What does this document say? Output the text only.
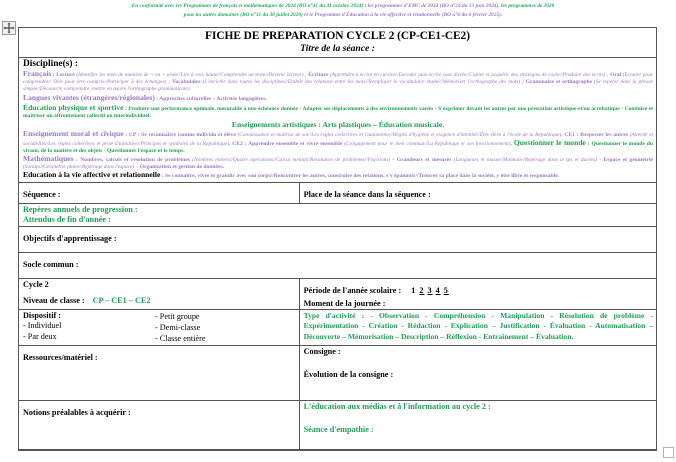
En conformité avec les Programmes de français et mathématiques de 2024 (BO n°41 du 31 octobre 2024) ; les programmes d'EMC de 2024 (BO n°24 du 13 juin 2024), les programmes de 2020
pour les autres domaines (BO n°31 du 30 juillet 2020) et le Programme d'Éducation à la vie affective et relationnelle (BO n°6 du 6 février 2025).
FICHE DE PREPARATION CYCLE 2 (CP-CE1-CE2)
Titre de la séance :
Discipline(s) :
Français : Lecture (Identifier les mots de manière de + en + aisée//Lire à voix haute//Comprendre un texte//Devenir lecteur) ; Écriture (Apprendre à écrire en cursive//Encoder puis écrire sous dictée//Copier et acquérir des stratégies de copie//Produire des écrits) ; Oral (Ecouter pour comprendre// Dire pour être compris//Participer à des échanges) ; Vocabulaire (L'enrichir dans toutes les disciplines//Etablir des relations entre les mots//Remployer le vocabulaire étudié//Mémoriser l'orthographe des mots) ; Grammaire et orthographe (Se repérer dans la phrase simple//Découvrir, comprendre, mettre en œuvre l'orthographe grammaticale).
Langues vivantes (étrangères/régionales) : Approches culturelles – Activités langagières.
Éducation physique et sportive : Produire une performance optimale, mesurable à une échéance donnée - Adapter ses déplacements à des environnements variés - S'exprimer devant les autres par une prestation artistique et/ou acrobatique - Conduire et maîtriser un affrontement collectif ou interindividuel.
Enseignements artistiques : Arts plastiques – Éducation musicale.
Enseignement moral et civique : CP : Se reconnaître comme individu et élève (Connaissance et maîtrise de soi//Les règles collectives et l'autonomie//Règles d'hygiène et exigence d'intimité//Être élève à l'école de la République). CE1 : Respecter les autres (Altérité et sociabilité//Les règles collectives et prise d'initiative//Principes et symboles de la République). CE2 : Apprendre ensemble et vivre ensemble (L'engagement pour le bien commun//La République et son fonctionnement). Questionner le monde : Questionner le monde du vivant, de la matière et des objets - Questionner l'espace et le temps.
Mathématiques : Nombres, calculs et résolution de problèmes (Nombres entiers//Quatre opérations//Calcul mental//Résolution de problèmes//Fractions) - Grandeurs et mesures (Longueurs et masse//Monnaie//Repérage dans le tps et durées) - Espace et géométrie (Solides//Géométrie plane//Repérage dans l'espace) – Organisation et gestion de données.
Education à la vie affective et relationnelle : Se connaître, vivre et grandir avec son corps//Rencontrer les autres, construire des relations, s'y épanouir//Trouver sa place dans la société, y être libre et responsable.
Séquence :	Place de la séance dans la séquence :
Repères annuels de progression :
Attendus de fin d'année :
Objectifs d'apprentissage :
Socle commun :
Cycle 2
Niveau de classe : CP – CE1 – CE2
Période de l'année scolaire : 1 2 3 4 5
Moment de la journée :
Dispositif :
- Individuel
- Par deux
- Petit groupe
- Demi-classe
- Classe entière
Type d'activité : - Observation - Compréhension - Manipulation - Résolution de problème - Expérimentation - Création - Rédaction - Explication – Justification - Évaluation - Automatisation – Découverte – Mémorisation – Description – Réflexion - Entraînement – Évaluation.
Ressources/matériel :
Consigne :
Évolution de la consigne :
Notions préalables à acquérir :
L'éducation aux médias et à l'information au cycle 2 :
Séance d'empathie :
